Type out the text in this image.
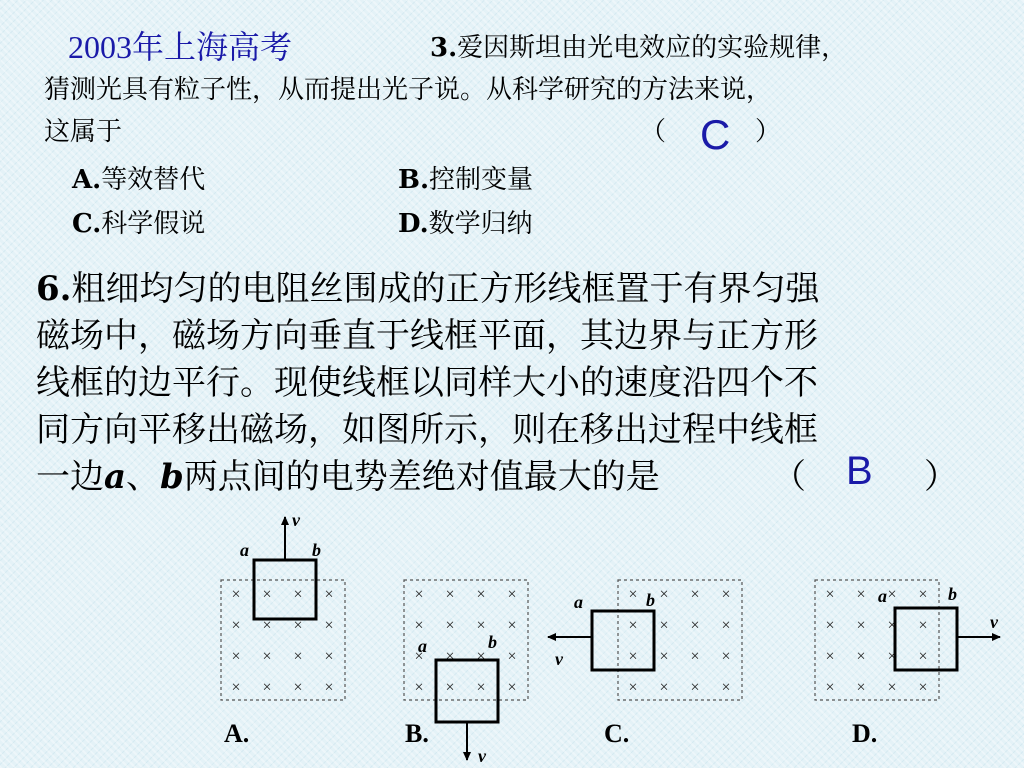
2003年上海高考	3.爱因斯坦由光电效应的实验规律，
猜测光具有粒子性，从而提出光子说。从科学研究的方法来说，
这属于	（ C ）
A.等效替代	B.控制变量
C.科学假说	D.数学归纳
6.粗细均匀的电阻丝围成的正方形线框置于有界匀强
磁场中，磁场方向垂直于线框平面，其边界与正方形
线框的边平行。现使线框以同样大小的速度沿四个不
同方向平移出磁场，如图所示，则在移出过程中线框
一边a、b两点间的电势差绝对值最大的是	（ B ）
× × × ×
× × × ×
× × × ×
× × × ×
v
a	b
A.
× × × ×
× × × ×
× × × ×
× × × ×
v
a	b
B.
× × × ×
× × × ×
× × × ×
× × × ×
v
a	b
C.
× × × ×
× × × ×
× × × ×
× × × ×
v
a	b
D.
